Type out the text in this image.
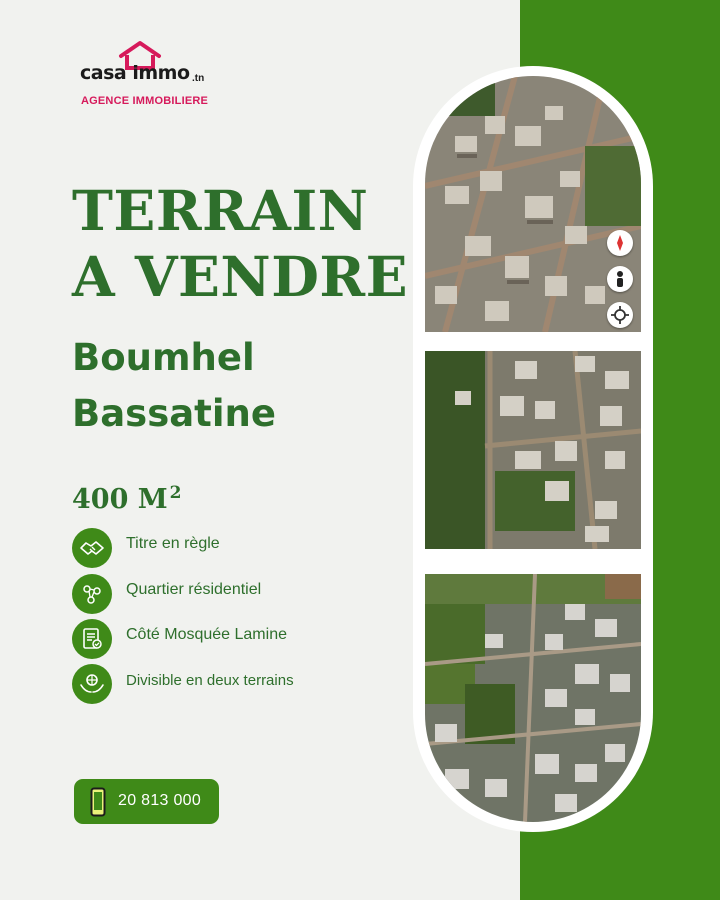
casa immo .tn
AGENCE IMMOBILIERE
TERRAIN
A VENDRE
Boumhel
Bassatine
400 M $^2$
Titre en règle
Quartier résidentiel
Côté Mosquée Lamine
Divisible en deux terrains
20 813 000
